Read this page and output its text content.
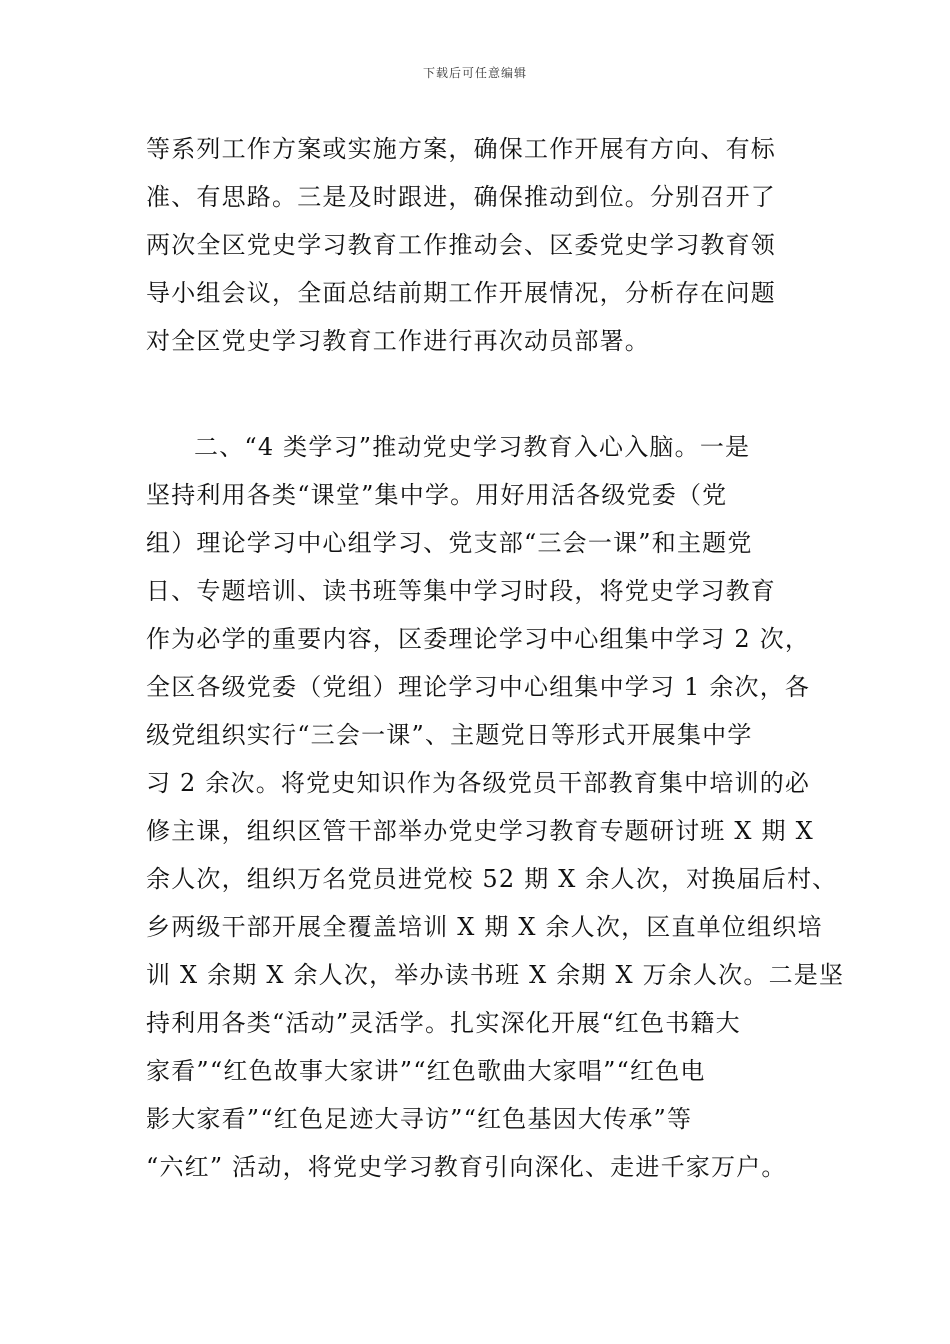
下载后可任意编辑
等系列工作方案或实施方案，确保工作开展有方向、有标
准、有思路。三是及时跟进，确保推动到位。分别召开了
两次全区党史学习教育工作推动会、区委党史学习教育领
导小组会议，全面总结前期工作开展情况，分析存在问题
对全区党史学习教育工作进行再次动员部署。
二、“4 类学习”推动党史学习教育入心入脑。一是
坚持利用各类“课堂”集中学。用好用活各级党委（党
组）理论学习中心组学习、党支部“三会一课”和主题党
日、专题培训、读书班等集中学习时段，将党史学习教育
作为必学的重要内容，区委理论学习中心组集中学习 2 次，
全区各级党委（党组）理论学习中心组集中学习 1 余次，各
级党组织实行“三会一课”、主题党日等形式开展集中学
习 2 余次。将党史知识作为各级党员干部教育集中培训的必
修主课，组织区管干部举办党史学习教育专题研讨班 X 期 X
余人次，组织万名党员进党校 52 期 X 余人次，对换届后村、
乡两级干部开展全覆盖培训 X 期 X 余人次，区直单位组织培
训 X 余期 X 余人次，举办读书班 X 余期 X 万余人次。二是坚
持利用各类“活动”灵活学。扎实深化开展“红色书籍大
家看”“红色故事大家讲”“红色歌曲大家唱”“红色电
影大家看”“红色足迹大寻访”“红色基因大传承”等
“六红” 活动，将党史学习教育引向深化、走进千家万户。
